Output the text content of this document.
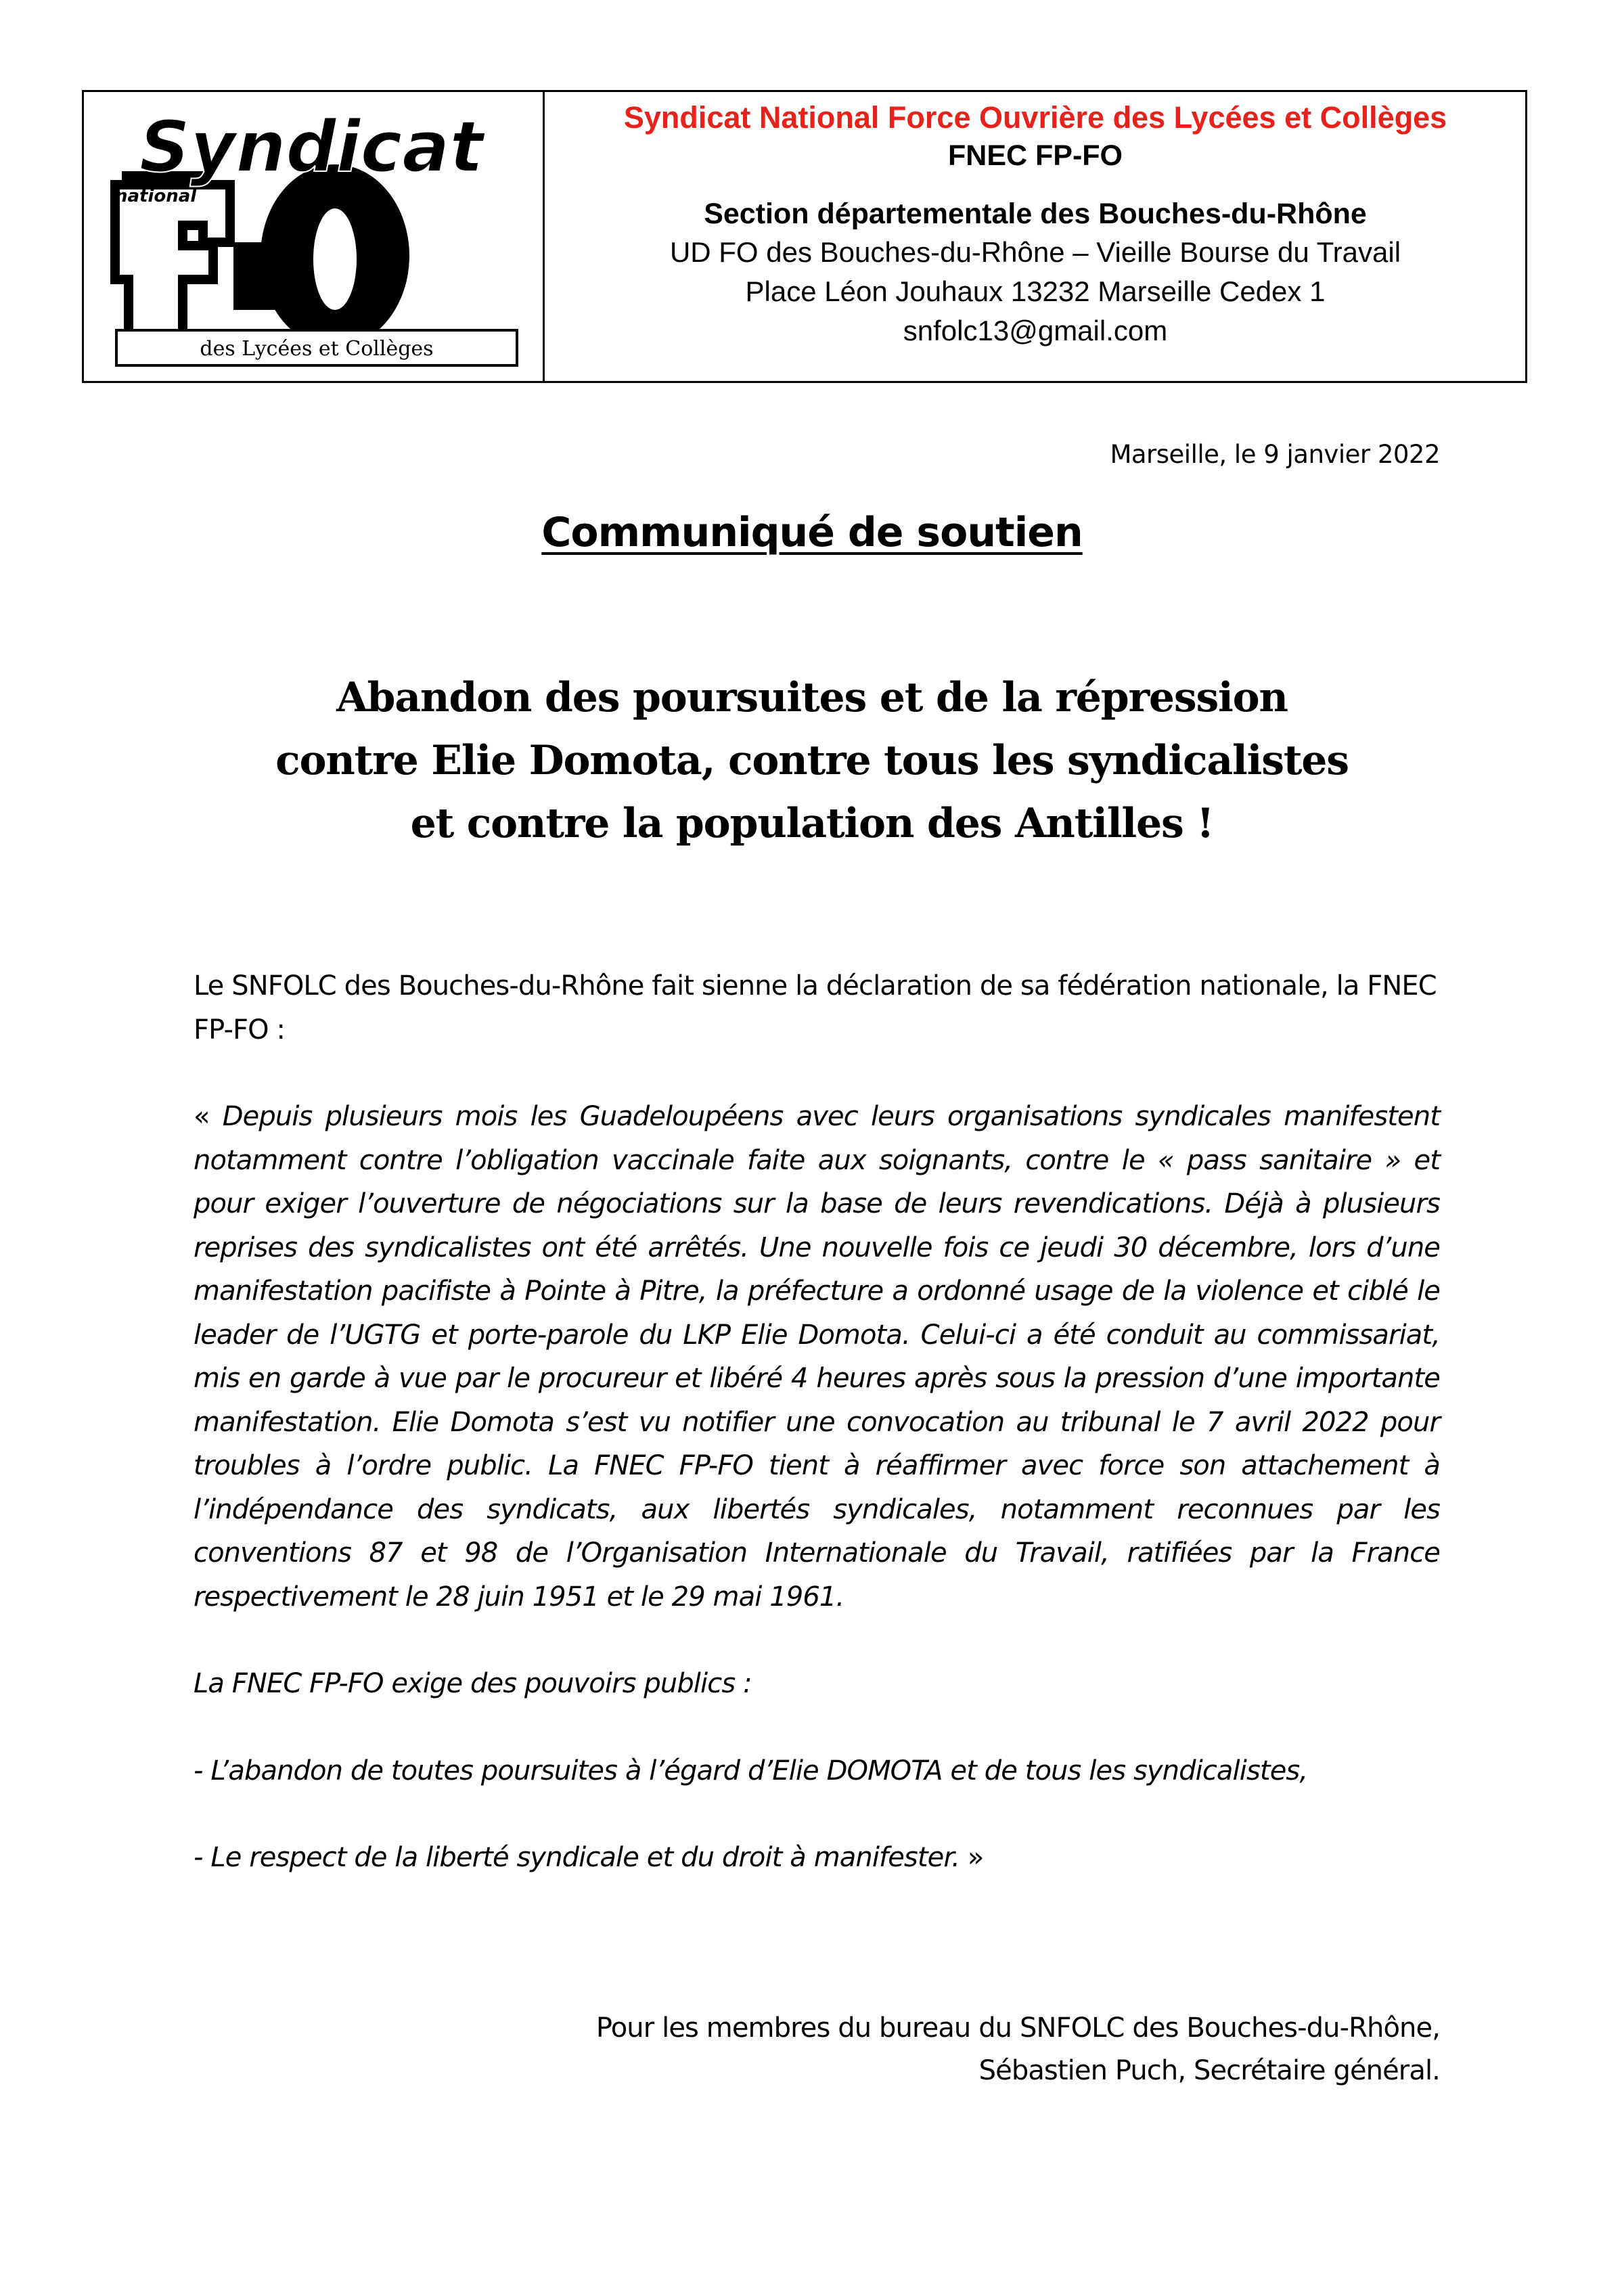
Syndicat
national
des Lycées et Collèges
Syndicat National Force Ouvrière des Lycées et Collèges
FNEC FP-FO
Section départementale des Bouches-du-Rhône
UD FO des Bouches-du-Rhône – Vieille Bourse du Travail
Place Léon Jouhaux 13232 Marseille Cedex 1
snfolc13@gmail.com
Marseille, le 9 janvier 2022
Communiqué de soutien
Abandon des poursuites et de la répression
contre Elie Domota, contre tous les syndicalistes
et contre la population des Antilles !

Le SNFOLC des Bouches-du-Rhône fait sienne la déclaration de sa fédération nationale, la FNEC FP-FO :

« Depuis plusieurs mois les Guadeloupéens avec leurs organisations syndicales manifestent notamment contre l’obligation vaccinale faite aux soignants, contre le « pass sanitaire » et pour exiger l’ouverture de négociations sur la base de leurs revendications. Déjà à plusieurs reprises des syndicalistes ont été arrêtés. Une nouvelle fois ce jeudi 30 décembre, lors d’une manifestation pacifiste à Pointe à Pitre, la préfecture a ordonné usage de la violence et ciblé le leader de l’UGTG et porte-parole du LKP Elie Domota. Celui-ci a été conduit au commissariat, mis en garde à vue par le procureur et libéré 4 heures après sous la pression d’une importante manifestation. Elie Domota s’est vu notifier une convocation au tribunal le 7 avril 2022 pour troubles à l’ordre public. La FNEC FP-FO tient à réaffirmer avec force son attachement à l’indépendance des syndicats, aux libertés syndicales, notamment reconnues par les conventions 87 et 98 de l’Organisation Internationale du Travail, ratifiées par la France respectivement le 28 juin 1951 et le 29 mai 1961.

La FNEC FP-FO exige des pouvoirs publics :

- L’abandon de toutes poursuites à l’égard d’Elie DOMOTA et de tous les syndicalistes,

- Le respect de la liberté syndicale et du droit à manifester. »

Pour les membres du bureau du SNFOLC des Bouches-du-Rhône,
Sébastien Puch, Secrétaire général.
